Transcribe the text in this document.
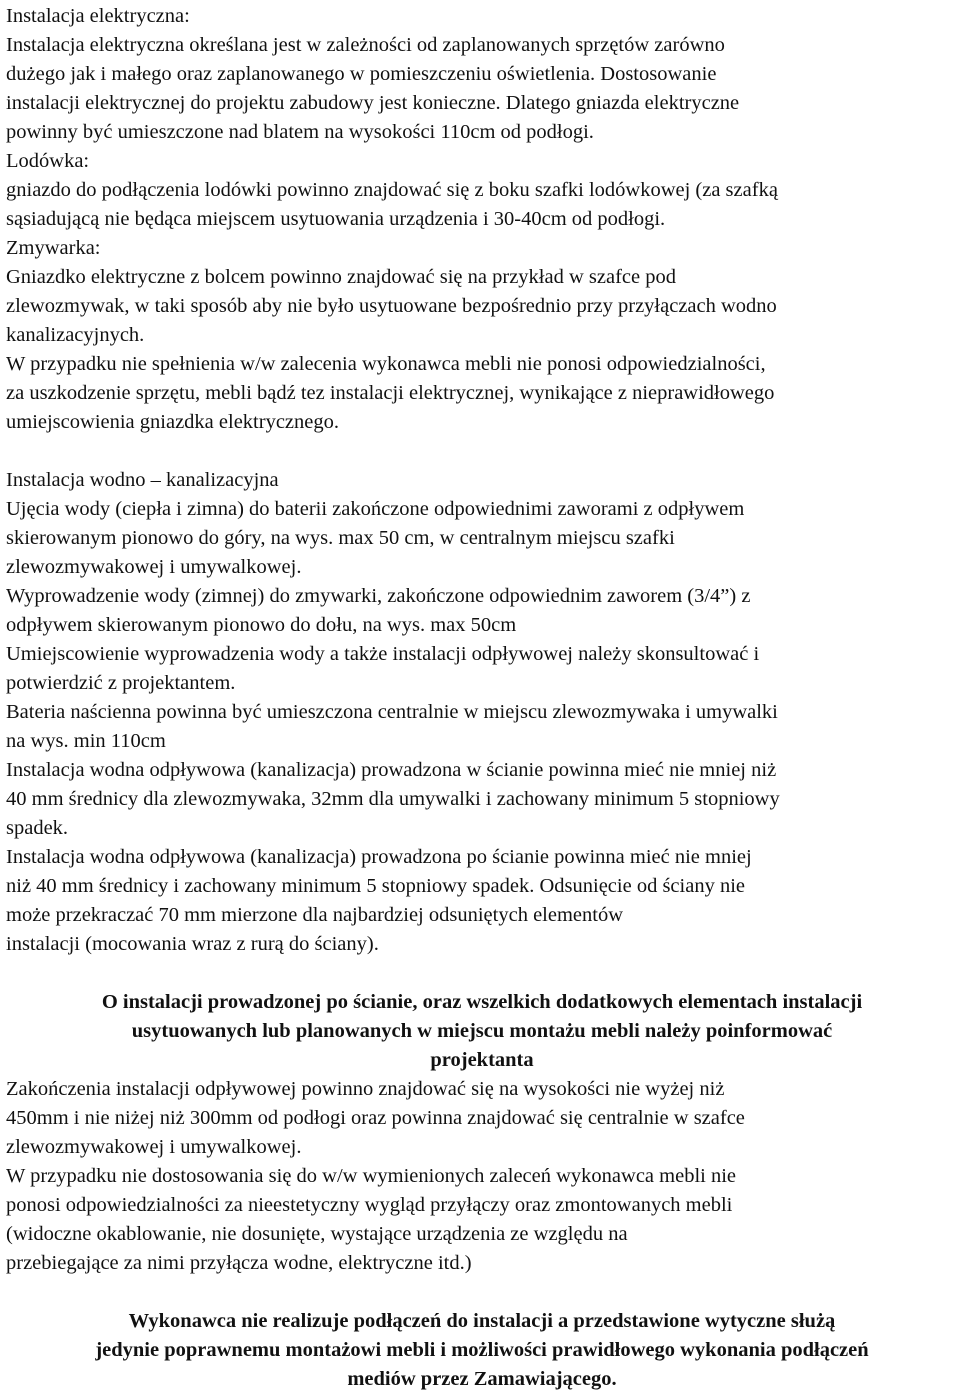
Instalacja elektryczna:
Instalacja elektryczna określana jest w zależności od zaplanowanych sprzętów zarówno
dużego jak i małego oraz zaplanowanego w pomieszczeniu oświetlenia. Dostosowanie
instalacji elektrycznej do projektu zabudowy jest konieczne. Dlatego gniazda elektryczne
powinny być umieszczone nad blatem na wysokości 110cm od podłogi.
Lodówka:
gniazdo do podłączenia lodówki powinno znajdować się z boku szafki lodówkowej (za szafką
sąsiadującą nie będąca miejscem usytuowania urządzenia i 30-40cm od podłogi.
Zmywarka:
Gniazdko elektryczne z bolcem powinno znajdować się na przykład w szafce pod
zlewozmywak, w taki sposób aby nie było usytuowane bezpośrednio przy przyłączach wodno
kanalizacyjnych.
W przypadku nie spełnienia w/w zalecenia wykonawca mebli nie ponosi odpowiedzialności,
za uszkodzenie sprzętu, mebli bądź tez instalacji elektrycznej, wynikające z nieprawidłowego
umiejscowienia gniazdka elektrycznego.
Instalacja wodno – kanalizacyjna
Ujęcia wody (ciepła i zimna) do baterii zakończone odpowiednimi zaworami z odpływem
skierowanym pionowo do góry, na wys. max 50 cm, w centralnym miejscu szafki
zlewozmywakowej i umywalkowej.
Wyprowadzenie wody (zimnej) do zmywarki, zakończone odpowiednim zaworem (3/4”) z
odpływem skierowanym pionowo do dołu, na wys. max 50cm
Umiejscowienie wyprowadzenia wody a także instalacji odpływowej należy skonsultować i
potwierdzić z projektantem.
Bateria naścienna powinna być umieszczona centralnie w miejscu zlewozmywaka i umywalki
na wys. min 110cm
Instalacja wodna odpływowa (kanalizacja) prowadzona w ścianie powinna mieć nie mniej niż
40 mm średnicy dla zlewozmywaka, 32mm dla umywalki i zachowany minimum 5 stopniowy
spadek.
Instalacja wodna odpływowa (kanalizacja) prowadzona po ścianie powinna mieć nie mniej
niż 40 mm średnicy i zachowany minimum 5 stopniowy spadek. Odsunięcie od ściany nie
może przekraczać 70 mm mierzone dla najbardziej odsuniętych elementów
instalacji (mocowania wraz z rurą do ściany).
O instalacji prowadzonej po ścianie, oraz wszelkich dodatkowych elementach instalacji
usytuowanych lub planowanych w miejscu montażu mebli należy poinformować
projektanta
Zakończenia instalacji odpływowej powinno znajdować się na wysokości nie wyżej niż
450mm i nie niżej niż 300mm od podłogi oraz powinna znajdować się centralnie w szafce
zlewozmywakowej i umywalkowej.
W przypadku nie dostosowania się do w/w wymienionych zaleceń wykonawca mebli nie
ponosi odpowiedzialności za nieestetyczny wygląd przyłączy oraz zmontowanych mebli
(widoczne okablowanie, nie dosunięte, wystające urządzenia ze względu na
przebiegające za nimi przyłącza wodne, elektryczne itd.)
Wykonawca nie realizuje podłączeń do instalacji a przedstawione wytyczne służą
jedynie poprawnemu montażowi mebli i możliwości prawidłowego wykonania podłączeń
mediów przez Zamawiającego.
